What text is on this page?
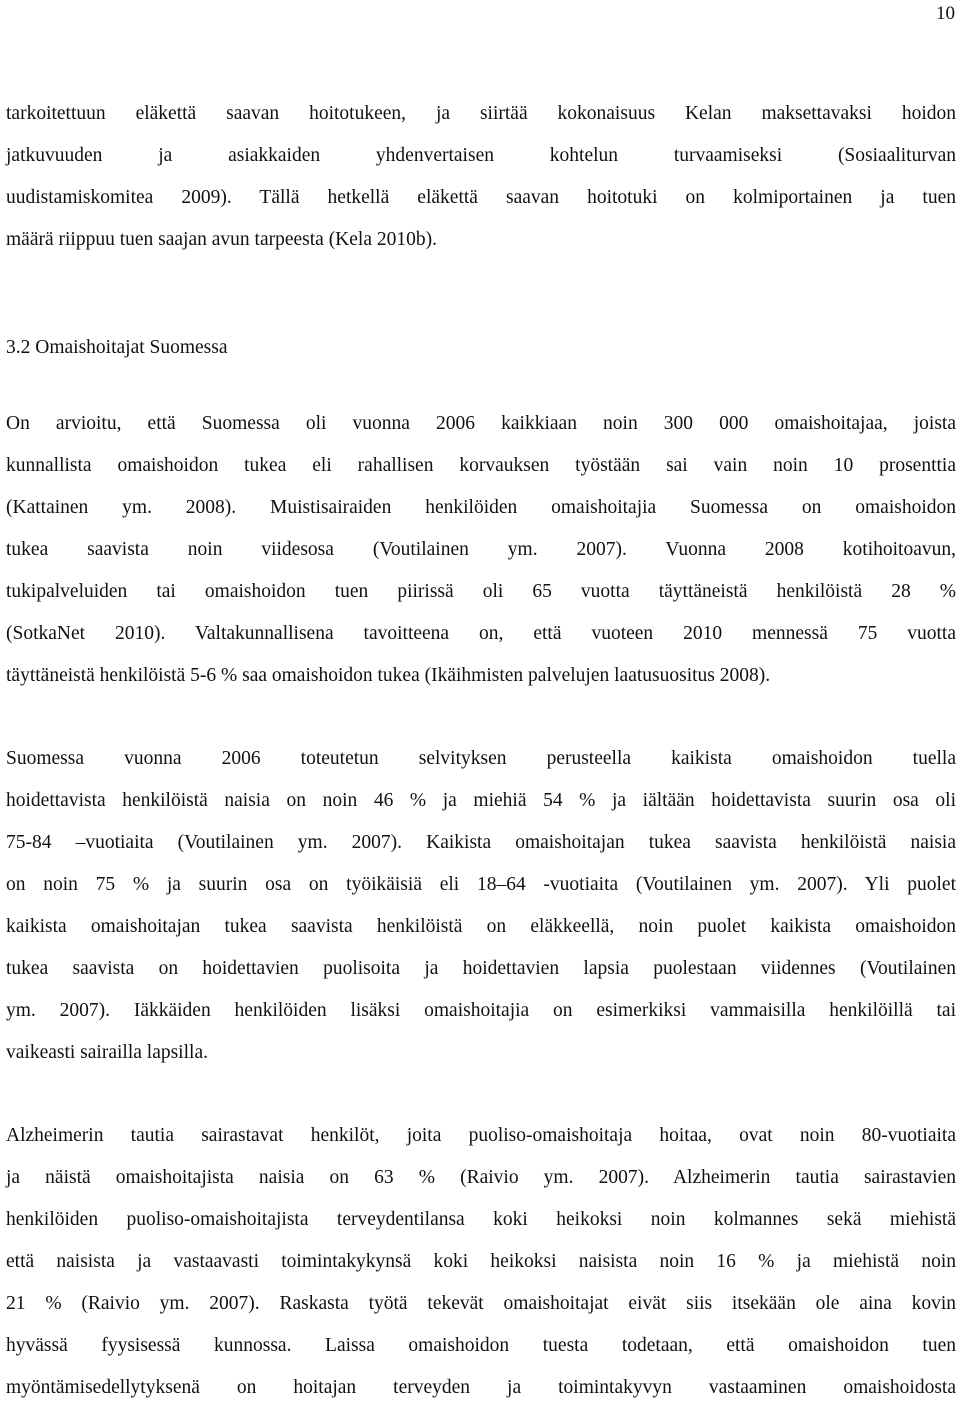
10
tarkoitettuun eläkettä saavan hoitotukeen, ja siirtää kokonaisuus Kelan maksettavaksi hoidon
jatkuvuuden ja asiakkaiden yhdenvertaisen kohtelun turvaamiseksi (Sosiaaliturvan
uudistamiskomitea 2009). Tällä hetkellä eläkettä saavan hoitotuki on kolmiportainen ja tuen
määrä riippuu tuen saajan avun tarpeesta (Kela 2010b).
3.2 Omaishoitajat Suomessa
On arvioitu, että Suomessa oli vuonna 2006 kaikkiaan noin 300 000 omaishoitajaa, joista
kunnallista omaishoidon tukea eli rahallisen korvauksen työstään sai vain noin 10 prosenttia
(Kattainen ym. 2008). Muistisairaiden henkilöiden omaishoitajia Suomessa on omaishoidon
tukea saavista noin viidesosa (Voutilainen ym. 2007). Vuonna 2008 kotihoitoavun,
tukipalveluiden tai omaishoidon tuen piirissä oli 65 vuotta täyttäneistä henkilöistä 28 %
(SotkaNet 2010). Valtakunnallisena tavoitteena on, että vuoteen 2010 mennessä 75 vuotta
täyttäneistä henkilöistä 5-6 % saa omaishoidon tukea (Ikäihmisten palvelujen laatusuositus 2008).
Suomessa vuonna 2006 toteutetun selvityksen perusteella kaikista omaishoidon tuella
hoidettavista henkilöistä naisia on noin 46 % ja miehiä 54 % ja iältään hoidettavista suurin osa oli
75-84 –vuotiaita (Voutilainen ym. 2007). Kaikista omaishoitajan tukea saavista henkilöistä naisia
on noin 75 % ja suurin osa on työikäisiä eli 18–64 -vuotiaita (Voutilainen ym. 2007). Yli puolet
kaikista omaishoitajan tukea saavista henkilöistä on eläkkeellä, noin puolet kaikista omaishoidon
tukea saavista on hoidettavien puolisoita ja hoidettavien lapsia puolestaan viidennes (Voutilainen
ym. 2007). Iäkkäiden henkilöiden lisäksi omaishoitajia on esimerkiksi vammaisilla henkilöillä tai
vaikeasti sairailla lapsilla.
Alzheimerin tautia sairastavat henkilöt, joita puoliso-omaishoitaja hoitaa, ovat noin 80-vuotiaita
ja näistä omaishoitajista naisia on 63 % (Raivio ym. 2007). Alzheimerin tautia sairastavien
henkilöiden puoliso-omaishoitajista terveydentilansa koki heikoksi noin kolmannes sekä miehistä
että naisista ja vastaavasti toimintakykynsä koki heikoksi naisista noin 16 % ja miehistä noin
21 % (Raivio ym. 2007). Raskasta työtä tekevät omaishoitajat eivät siis itsekään ole aina kovin
hyvässä fyysisessä kunnossa. Laissa omaishoidon tuesta todetaan, että omaishoidon tuen
myöntämisedellytyksenä on hoitajan terveyden ja toimintakyvyn vastaaminen omaishoidosta
